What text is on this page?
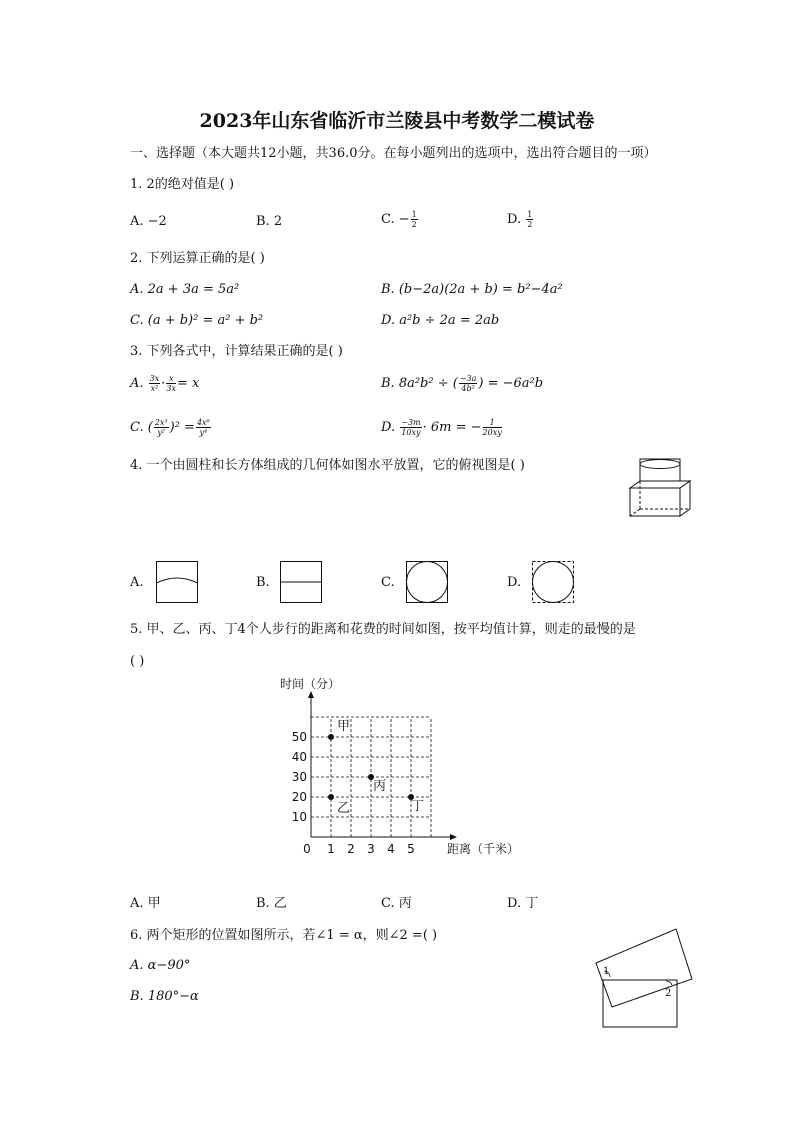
2023年山东省临沂市兰陵县中考数学二模试卷
一、选择题（本大题共12小题，共36.0分。在每小题列出的选项中，选出符合题目的一项）
1. 2的绝对值是( )
A. −2	B. 2	C. − $\frac{1}{2}$	D. $\frac{1}{2}$
2. 下列运算正确的是( )
A. 2a + 3a = 5a²	B. (b−2a)(2a + b) = b²−4a²
C. (a + b)² = a² + b²	D. a²b ÷ 2a = 2ab
3. 下列各式中，计算结果正确的是( )
A. $\frac{3x}{\text{x²}} \cdot \frac{x}{3x} = x$	B. 8a²b² ÷ ( $\frac{-3a}{\text{4b²}}$ ) = −6a²b
C. ( $\frac{\text{2x³}}{\text{y²}} )^2 = \frac{\text{4x⁶}}{\text{y⁴}}$	D. $\frac{-3m}{10xy} \cdot 6m$ = − $\frac{1}{20xy}$
4. 一个由圆柱和长方体组成的几何体如图水平放置，它的俯视图是( )
A.	B.	C.	D.
5. 甲、乙、丙、丁4个人步行的距离和花费的时间如图，按平均值计算，则走的最慢的是
( )
时间（分）
距离（千米）
0 1 2 3 4 5
10
20
30
40
50
甲
乙
丙
丁
A. 甲	B. 乙	C. 丙	D. 丁
6. 两个矩形的位置如图所示，若∠1 = α，则∠2 =( )
A. α−90°
B. 180°−α
1
2
